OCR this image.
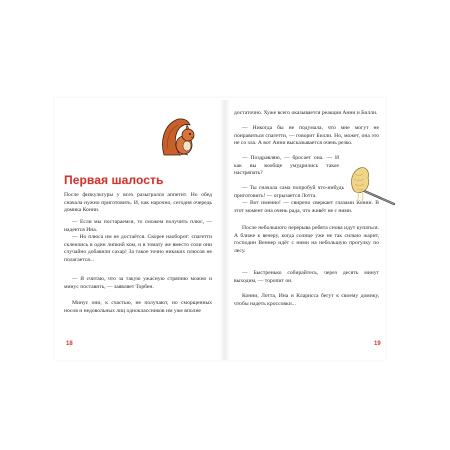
Первая шалость

После физкультуры у всех разыгрался аппетит. Но обед сначала нужно приготовить. И, как нарочно, сегодня очередь домика Конни.

— Если мы постараемся, то сможем получить плюс, — надеется Ина.

— Но плюса им не достаётся. Скорее наоборот: спагетти склеились в один липкий ком, и в томату же вместо соли они случайно добавили сахар! За такое точно никаких плюсов не полагается...

— Я считаю, что за такую ужасную стряпню можно и минус поставить, — заявляет Торбен.

Минус они, к счастью, не получают, но сморщенных носов и недовольных лиц одноклассников им уже вполне

18

достаточно. Хуже всего оказывается реакция Анни и Билли.

— Никогда бы не подумала, что мне могут не понравиться спагетти, — говорит Билли. Но, может, она это не со зла. А вот Анни высказывается очень резко.

— Поздравляю, — бросает она. — И как вы вообще умудрились такое настряпать?

— Ты сначала сама попробуй что-нибудь приготовить! — огрызается Лотта.

— Вот именно! — свирепо сверкает глазами Конни. В этот момент она очень рада, что живёт не с ними.

После небольшого перерыва ребята снова идут купаться. А ближе к вечеру, когда солнце уже не так сильно жарит, господин Веннер идёт с ними на небольшую прогулку по лесу.

— Быстренько собирайтесь, через десять минут выходим, — торопит он.

Конни, Лотта, Ина и Кларисса бегут к своему домику, чтобы надеть кроссовки...

19
